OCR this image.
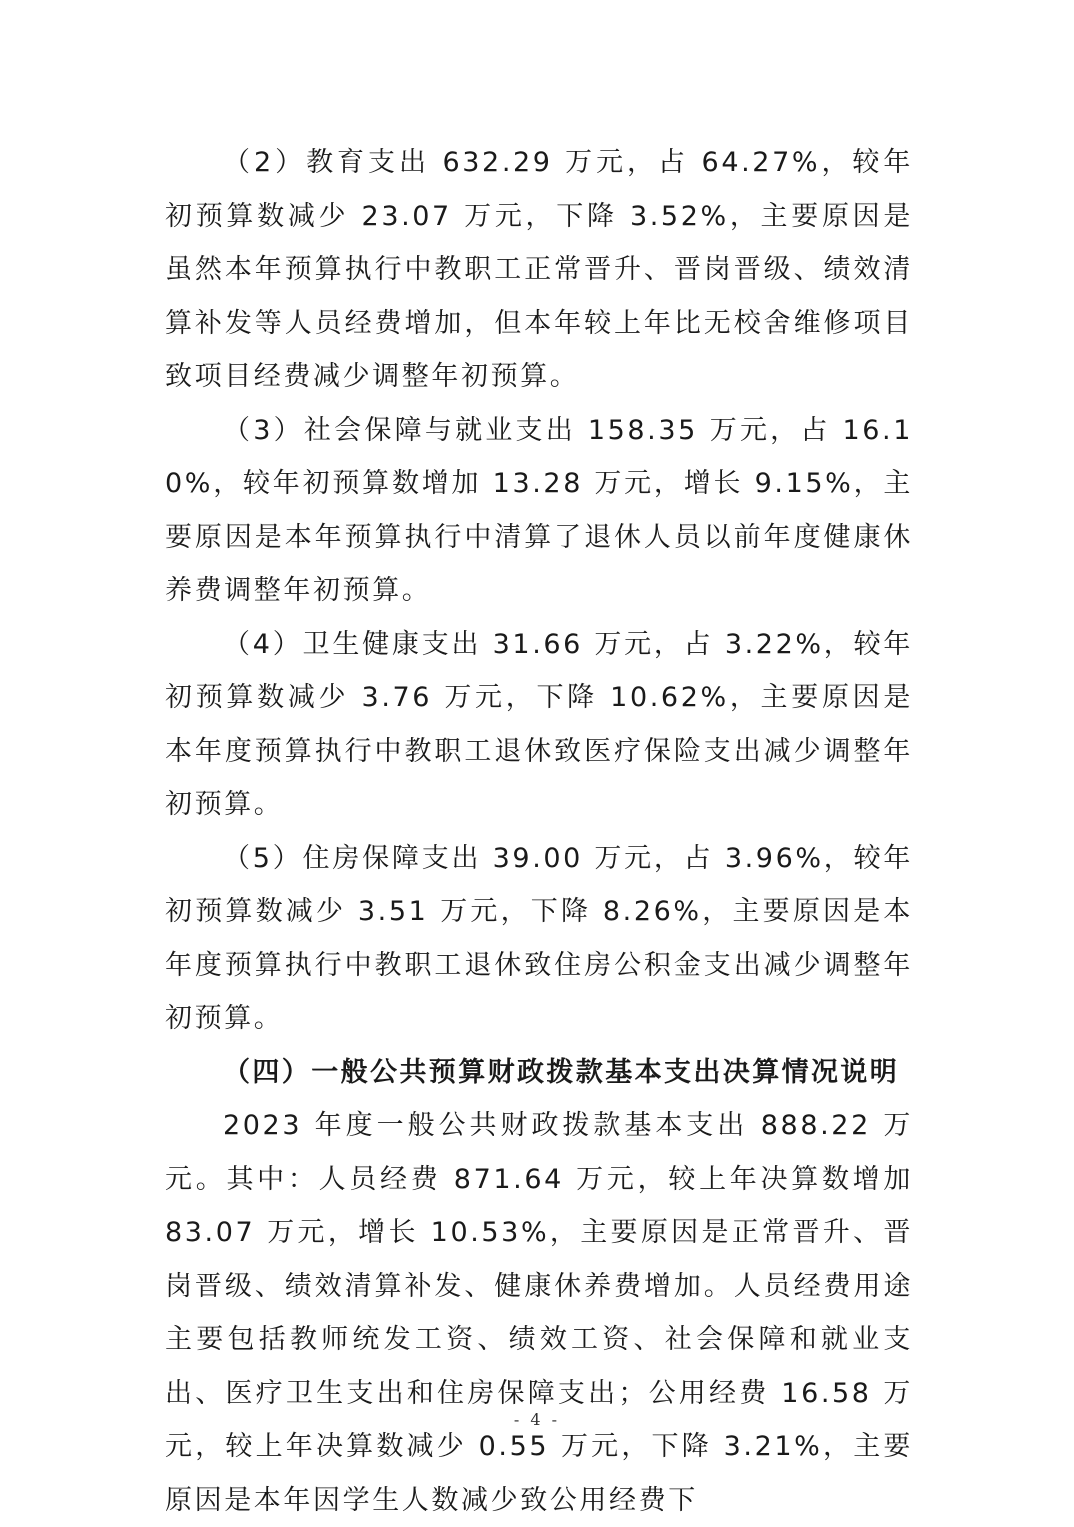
（2）教育支出 632.29 万元，占 64.27%，较年初预算数减少 23.07 万元，下降 3.52%，主要原因是虽然本年预算执行中教职工正常晋升、晋岗晋级、绩效清算补发等人员经费增加，但本年较上年比无校舍维修项目致项目经费减少调整年初预算。

（3）社会保障与就业支出 158.35 万元，占 16.10%，较年初预算数增加 13.28 万元，增长 9.15%，主要原因是本年预算执行中清算了退休人员以前年度健康休养费调整年初预算。

（4）卫生健康支出 31.66 万元，占 3.22%，较年初预算数减少 3.76 万元，下降 10.62%，主要原因是本年度预算执行中教职工退休致医疗保险支出减少调整年初预算。

（5）住房保障支出 39.00 万元，占 3.96%，较年初预算数减少 3.51 万元，下降 8.26%，主要原因是本年度预算执行中教职工退休致住房公积金支出减少调整年初预算。

（四）一般公共预算财政拨款基本支出决算情况说明

2023 年度一般公共财政拨款基本支出 888.22 万元。其中：人员经费 871.64 万元，较上年决算数增加 83.07 万元，增长 10.53%，主要原因是正常晋升、晋岗晋级、绩效清算补发、健康休养费增加。人员经费用途主要包括教师统发工资、绩效工资、社会保障和就业支出、医疗卫生支出和住房保障支出；公用经费 16.58 万元，较上年决算数减少 0.55 万元，下降 3.21%，主要原因是本年因学生人数减少致公用经费下

- 4 -
